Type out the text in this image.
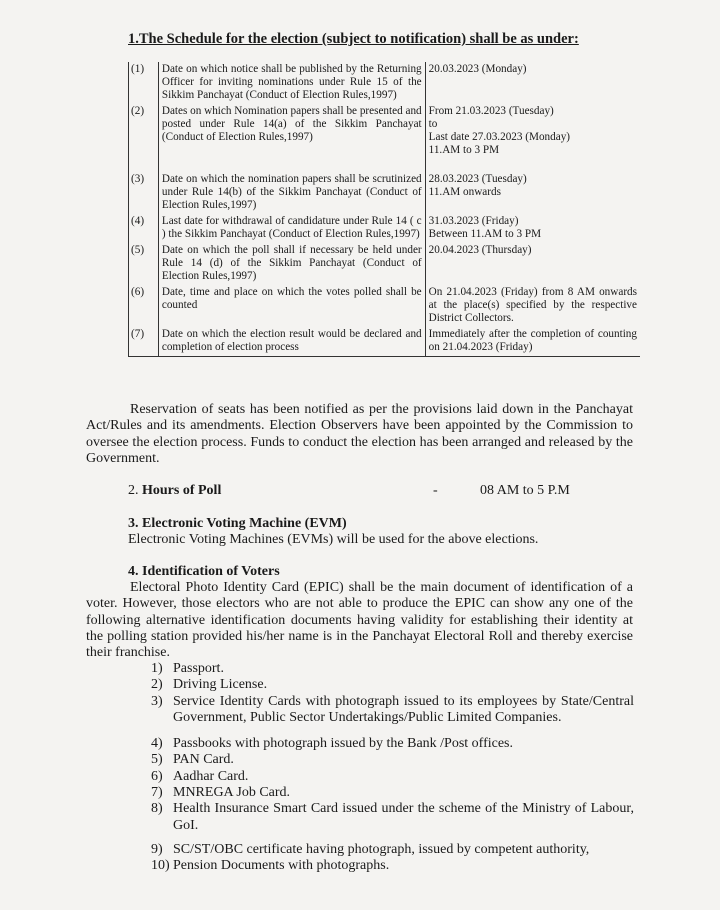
1.The Schedule for the election (subject to notification) shall be as under:
(1)	Date on which notice shall be published by the Returning Officer for inviting nominations under Rule 15 of the Sikkim Panchayat (Conduct of Election Rules,1997)	20.03.2023 (Monday)

(2)	Dates on which Nomination papers shall be presented and posted under Rule 14(a) of the Sikkim Panchayat (Conduct of Election Rules,1997)	From 21.03.2023 (Tuesday)
to
Last date 27.03.2023 (Monday)
11.AM to 3 PM

(3)	Date on which the nomination papers shall be scrutinized under Rule 14(b) of the Sikkim Panchayat (Conduct of Election Rules,1997)	28.03.2023 (Tuesday)
11.AM onwards

(4)	Last date for withdrawal of candidature under Rule 14 ( c ) the Sikkim Panchayat (Conduct of Election Rules,1997)	31.03.2023 (Friday)
Between 11.AM to 3 PM

(5)	Date on which the poll shall if necessary be held under Rule 14 (d) of the Sikkim Panchayat (Conduct of Election Rules,1997)	20.04.2023 (Thursday)

(6)	Date, time and place on which the votes polled shall be counted	On 21.04.2023 (Friday) from 8 AM onwards at the place(s) specified by the respective District Collectors.

(7)	Date on which the election result would be declared and completion of election process	Immediately after the completion of counting on 21.04.2023 (Friday)
Reservation of seats has been notified as per the provisions laid down in the Panchayat Act/Rules and its amendments. Election Observers have been appointed by the Commission to oversee the election process. Funds to conduct the election has been arranged and released by the Government.
2. Hours of Poll	-	08 AM to 5 P.M
3. Electronic Voting Machine (EVM)
Electronic Voting Machines (EVMs) will be used for the above elections.
4. Identification of Voters
Electoral Photo Identity Card (EPIC) shall be the main document of identification of a voter. However, those electors who are not able to produce the EPIC can show any one of the following alternative identification documents having validity for establishing their identity at the polling station provided his/her name is in the Panchayat Electoral Roll and thereby exercise their franchise.
1) Passport.
2) Driving License.
3) Service Identity Cards with photograph issued to its employees by State/Central Government, Public Sector Undertakings/Public Limited Companies.
4) Passbooks with photograph issued by the Bank /Post offices.
5) PAN Card.
6) Aadhar Card.
7) MNREGA Job Card.
8) Health Insurance Smart Card issued under the scheme of the Ministry of Labour, GoI.
9) SC/ST/OBC certificate having photograph, issued by competent authority,
10) Pension Documents with photographs.
